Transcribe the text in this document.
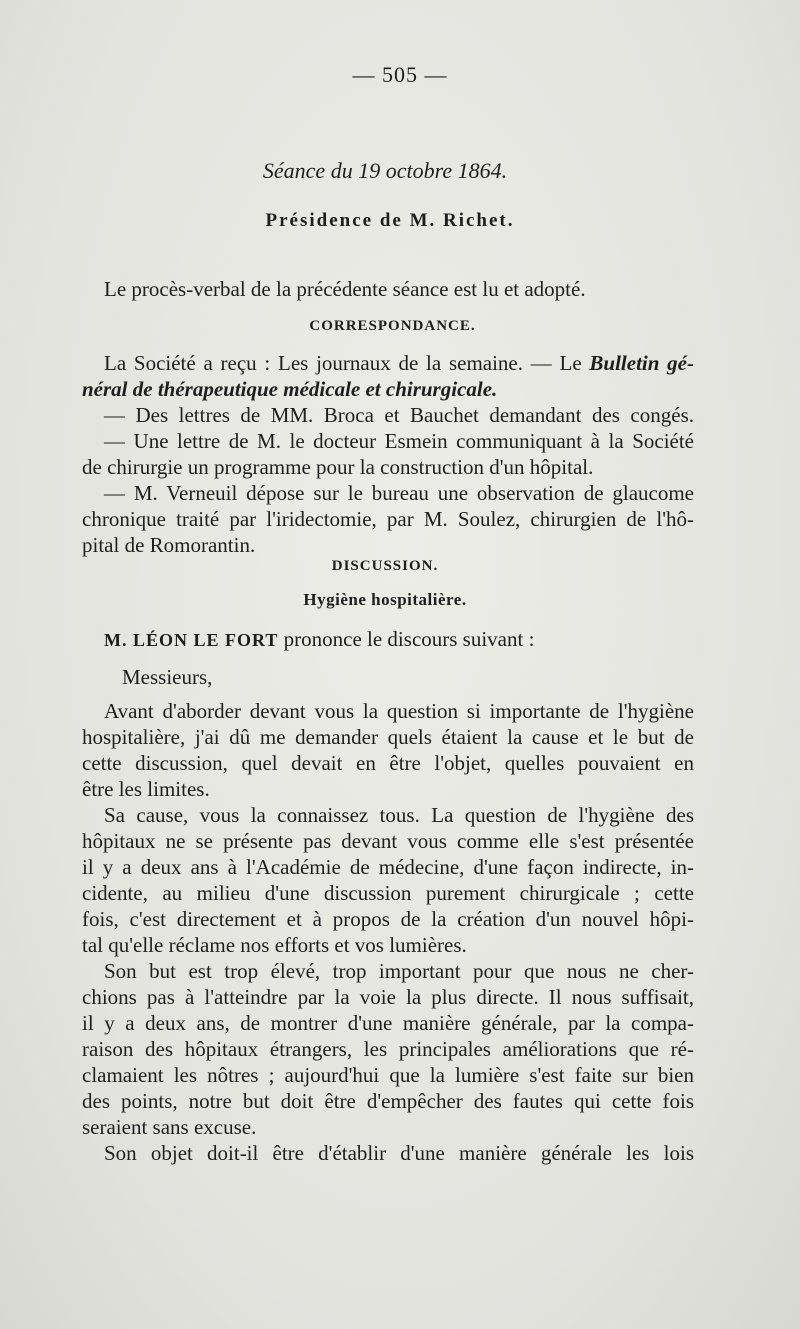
— 505 —
Séance du 19 octobre 1864.
Présidence de M. Richet.
Le procès-verbal de la précédente séance est lu et adopté.
CORRESPONDANCE.
La Société a reçu : Les journaux de la semaine. — Le Bulletin gé-
néral de thérapeutique médicale et chirurgicale.
— Des lettres de MM. Broca et Bauchet demandant des congés.
— Une lettre de M. le docteur Esmein communiquant à la Société
de chirurgie un programme pour la construction d'un hôpital.
— M. Verneuil dépose sur le bureau une observation de glaucome
chronique traité par l'iridectomie, par M. Soulez, chirurgien de l'hô-
pital de Romorantin.
DISCUSSION.
Hygiène hospitalière.
M. LÉON LE FORT prononce le discours suivant :
Messieurs,
Avant d'aborder devant vous la question si importante de l'hygiène
hospitalière, j'ai dû me demander quels étaient la cause et le but de
cette discussion, quel devait en être l'objet, quelles pouvaient en
être les limites.
Sa cause, vous la connaissez tous. La question de l'hygiène des
hôpitaux ne se présente pas devant vous comme elle s'est présentée
il y a deux ans à l'Académie de médecine, d'une façon indirecte, in-
cidente, au milieu d'une discussion purement chirurgicale ; cette
fois, c'est directement et à propos de la création d'un nouvel hôpi-
tal qu'elle réclame nos efforts et vos lumières.
Son but est trop élevé, trop important pour que nous ne cher-
chions pas à l'atteindre par la voie la plus directe. Il nous suffisait,
il y a deux ans, de montrer d'une manière générale, par la compa-
raison des hôpitaux étrangers, les principales améliorations que ré-
clamaient les nôtres ; aujourd'hui que la lumière s'est faite sur bien
des points, notre but doit être d'empêcher des fautes qui cette fois
seraient sans excuse.
Son objet doit-il être d'établir d'une manière générale les lois
